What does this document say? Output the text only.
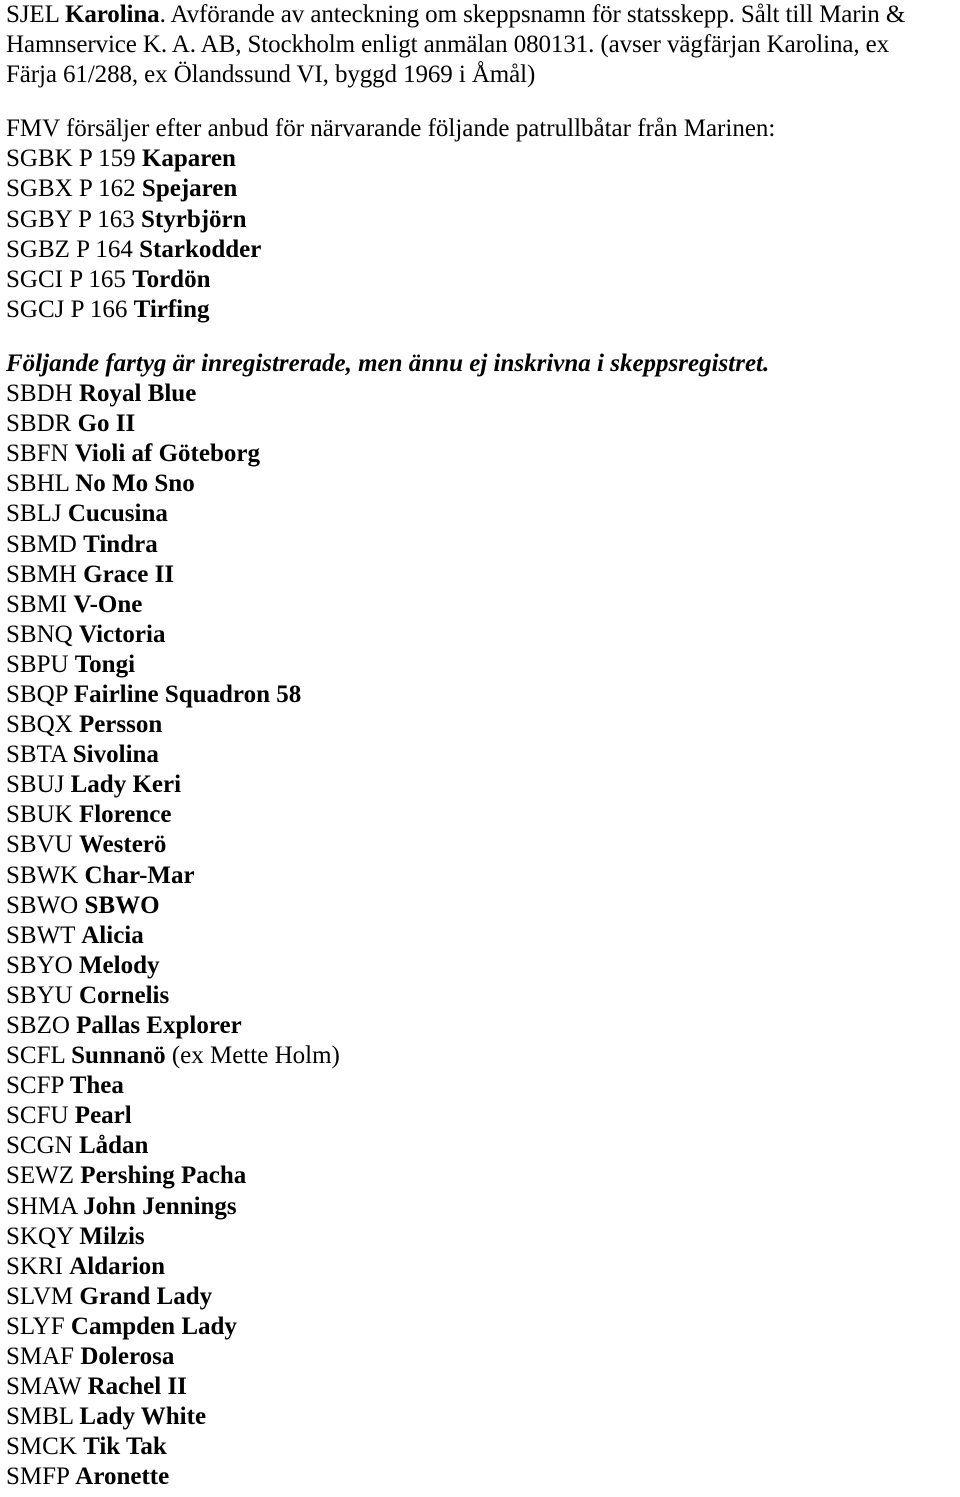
SJEL Karolina. Avförande av anteckning om skeppsnamn för statsskepp. Sålt till Marin &
Hamnservice K. A. AB, Stockholm enligt anmälan 080131. (avser vägfärjan Karolina, ex
Färja 61/288, ex Ölandssund VI, byggd 1969 i Åmål)
FMV försäljer efter anbud för närvarande följande patrullbåtar från Marinen:
SGBK P 159 Kaparen
SGBX P 162 Spejaren
SGBY P 163 Styrbjörn
SGBZ P 164 Starkodder
SGCI P 165 Tordön
SGCJ P 166 Tirfing
Följande fartyg är inregistrerade, men ännu ej inskrivna i skeppsregistret.
SBDH Royal Blue
SBDR Go II
SBFN Violi af Göteborg
SBHL No Mo Sno
SBLJ Cucusina
SBMD Tindra
SBMH Grace II
SBMI V-One
SBNQ Victoria
SBPU Tongi
SBQP Fairline Squadron 58
SBQX Persson
SBTA Sivolina
SBUJ Lady Keri
SBUK Florence
SBVU Westerö
SBWK Char-Mar
SBWO SBWO
SBWT Alicia
SBYO Melody
SBYU Cornelis
SBZO Pallas Explorer
SCFL Sunnanö (ex Mette Holm)
SCFP Thea
SCFU Pearl
SCGN Lådan
SEWZ Pershing Pacha
SHMA John Jennings
SKQY Milzis
SKRI Aldarion
SLVM Grand Lady
SLYF Campden Lady
SMAF Dolerosa
SMAW Rachel II
SMBL Lady White
SMCK Tik Tak
SMFP Aronette
